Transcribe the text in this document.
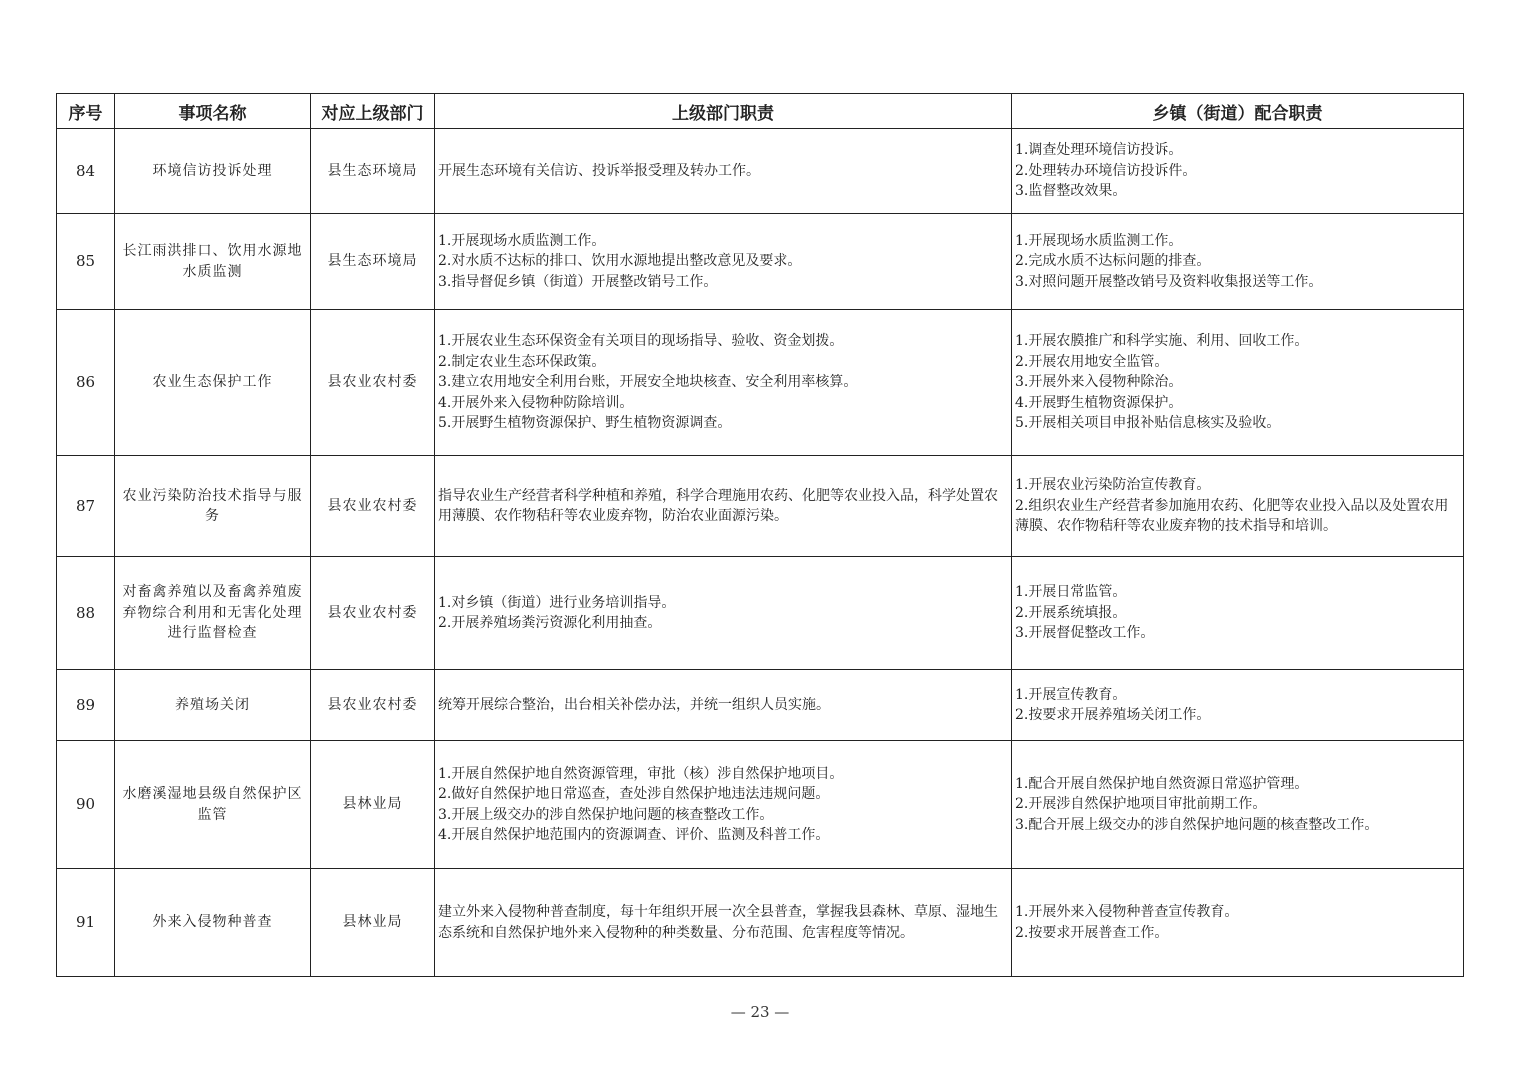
序号	事项名称	对应上级部门	上级部门职责	乡镇（街道）配合职责
84	环境信访投诉处理	县生态环境局	开展生态环境有关信访、投诉举报受理及转办工作。	1.调查处理环境信访投诉。
2.处理转办环境信访投诉件。
3.监督整改效果。

85	长江雨洪排口、饮用水源地水质监测	县生态环境局	1.开展现场水质监测工作。
2.对水质不达标的排口、饮用水源地提出整改意见及要求。
3.指导督促乡镇（街道）开展整改销号工作。	1.开展现场水质监测工作。
2.完成水质不达标问题的排查。
3.对照问题开展整改销号及资料收集报送等工作。

86	农业生态保护工作	县农业农村委	1.开展农业生态环保资金有关项目的现场指导、验收、资金划拨。
2.制定农业生态环保政策。
3.建立农用地安全利用台账，开展安全地块核查、安全利用率核算。
4.开展外来入侵物种防除培训。
5.开展野生植物资源保护、野生植物资源调查。	1.开展农膜推广和科学实施、利用、回收工作。
2.开展农用地安全监管。
3.开展外来入侵物种除治。
4.开展野生植物资源保护。
5.开展相关项目申报补贴信息核实及验收。

87	农业污染防治技术指导与服务	县农业农村委	指导农业生产经营者科学种植和养殖，科学合理施用农药、化肥等农业投入品，科学处置农用薄膜、农作物秸秆等农业废弃物，防治农业面源污染。	1.开展农业污染防治宣传教育。
2.组织农业生产经营者参加施用农药、化肥等农业投入品以及处置农用薄膜、农作物秸秆等农业废弃物的技术指导和培训。

88	对畜禽养殖以及畜禽养殖废弃物综合利用和无害化处理进行监督检查	县农业农村委	1.对乡镇（街道）进行业务培训指导。
2.开展养殖场粪污资源化利用抽查。	1.开展日常监管。
2.开展系统填报。
3.开展督促整改工作。

89	养殖场关闭	县农业农村委	统筹开展综合整治，出台相关补偿办法，并统一组织人员实施。	1.开展宣传教育。
2.按要求开展养殖场关闭工作。

90	水磨溪湿地县级自然保护区监管	县林业局	1.开展自然保护地自然资源管理，审批（核）涉自然保护地项目。
2.做好自然保护地日常巡查，查处涉自然保护地违法违规问题。
3.开展上级交办的涉自然保护地问题的核查整改工作。
4.开展自然保护地范围内的资源调查、评价、监测及科普工作。	1.配合开展自然保护地自然资源日常巡护管理。
2.开展涉自然保护地项目审批前期工作。
3.配合开展上级交办的涉自然保护地问题的核查整改工作。

91	外来入侵物种普查	县林业局	建立外来入侵物种普查制度，每十年组织开展一次全县普查，掌握我县森林、草原、湿地生态系统和自然保护地外来入侵物种的种类数量、分布范围、危害程度等情况。	1.开展外来入侵物种普查宣传教育。
2.按要求开展普查工作。
— 23 —
